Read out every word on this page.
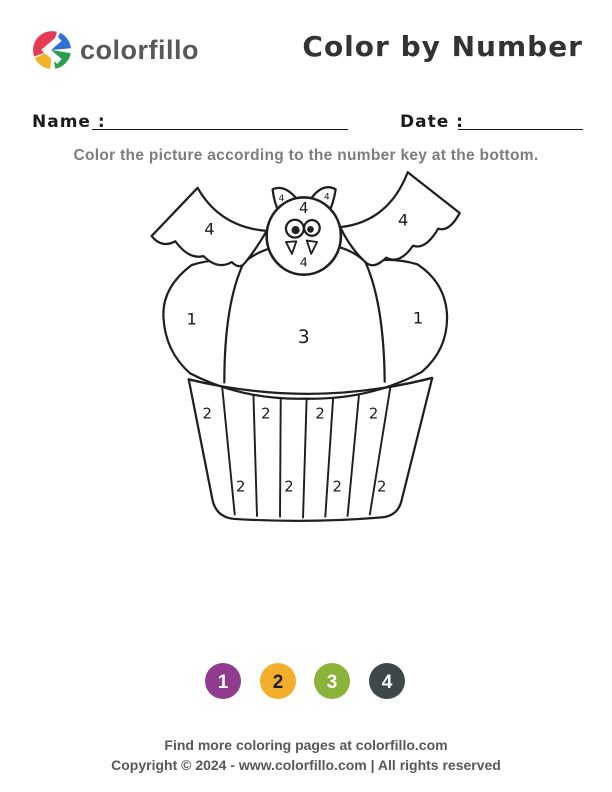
colorfillo	Color by Number
Name :	Date :
Color the picture according to the number key at the bottom.
4	4
4	4
4
4
1
3
1
2 2 2 2
2 2 2 2
1 2 3 4
Find more coloring pages at colorfillo.com
Copyright © 2024 - www.colorfillo.com | All rights reserved
